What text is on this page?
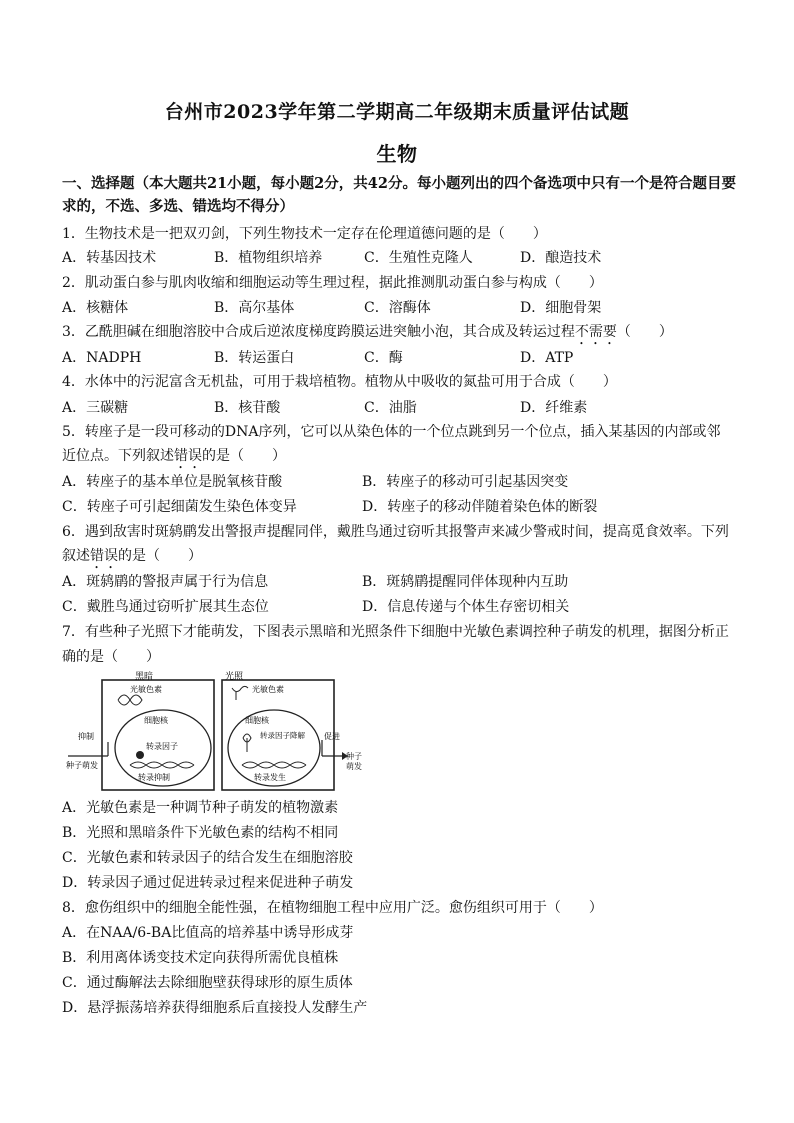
台州市2023学年第二学期高二年级期末质量评估试题
生物
一、选择题（本大题共21小题，每小题2分，共42分。每小题列出的四个备选项中只有一个是符合题目要求的，不选、多选、错选均不得分）
1．生物技术是一把双刃剑，下列生物技术一定存在伦理道德问题的是（　　）
A．转基因技术	B．植物组织培养	C．生殖性克隆人	D．酿造技术
2．肌动蛋白参与肌肉收缩和细胞运动等生理过程，据此推测肌动蛋白参与构成（　　）
A．核糖体	B．高尔基体	C．溶酶体	D．细胞骨架
3．乙酰胆碱在细胞溶胶中合成后逆浓度梯度跨膜运进突触小泡，其合成及转运过程不需要（　　）
A．NADPH	B．转运蛋白	C．酶	D．ATP
4．水体中的污泥富含无机盐，可用于栽培植物。植物从中吸收的氮盐可用于合成（　　）
A．三碳糖	B．核苷酸	C．油脂	D．纤维素
5．转座子是一段可移动的DNA序列，它可以从染色体的一个位点跳到另一个位点，插入某基因的内部或邻
近位点。下列叙述错误的是（　　）
A．转座子的基本单位是脱氧核苷酸	B．转座子的移动可引起基因突变
C．转座子可引起细菌发生染色体变异	D．转座子的移动伴随着染色体的断裂
6．遇到敌害时斑鸫鹛发出警报声提醒同伴，戴胜鸟通过窃听其报警声来减少警戒时间，提高觅食效率。下列
叙述错误的是（　　）
A．斑鸫鹛的警报声属于行为信息	B．斑鸫鹛提醒同伴体现种内互助
C．戴胜鸟通过窃听扩展其生态位	D．信息传递与个体生存密切相关
7．有些种子光照下才能萌发，下图表示黑暗和光照条件下细胞中光敏色素调控种子萌发的机理，据图分析正
确的是（　　）
黑暗
光敏色素
细胞核
转录因子
转录抑制
抑制
种子萌发
光照
光敏色素
细胞核
转录因子降解
转录发生
促进
种子萌发
A．光敏色素是一种调节种子萌发的植物激素
B．光照和黑暗条件下光敏色素的结构不相同
C．光敏色素和转录因子的结合发生在细胞溶胶
D．转录因子通过促进转录过程来促进种子萌发
8．愈伤组织中的细胞全能性强，在植物细胞工程中应用广泛。愈伤组织可用于（　　）
A．在NAA/6-BA比值高的培养基中诱导形成芽
B．利用离体诱变技术定向获得所需优良植株
C．通过酶解法去除细胞壁获得球形的原生质体
D．悬浮振荡培养获得细胞系后直接投人发酵生产
